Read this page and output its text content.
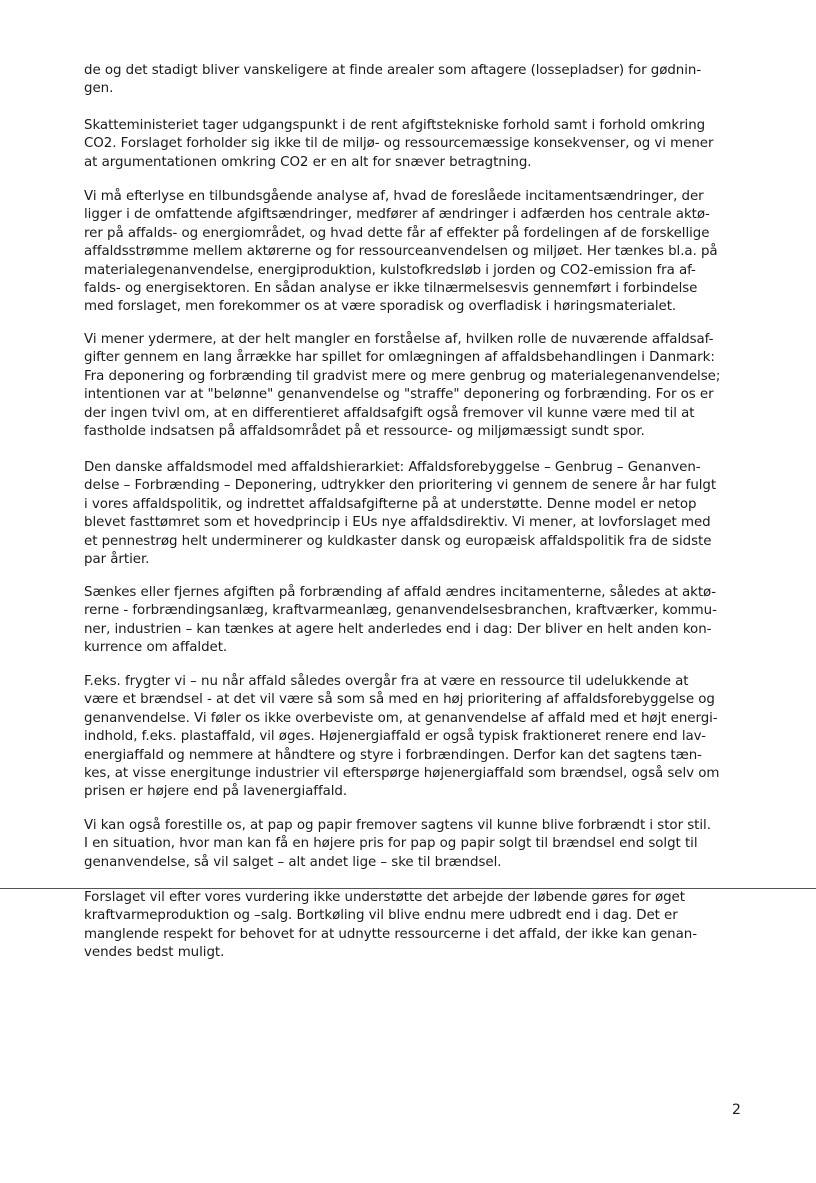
de og det stadigt bliver vanskeligere at finde arealer som aftagere (lossepladser) for gødnin-
gen.
Skatteministeriet tager udgangspunkt i de rent afgiftstekniske forhold samt i forhold omkring
CO2. Forslaget forholder sig ikke til de miljø- og ressourcemæssige konsekvenser, og vi mener
at argumentationen omkring CO2 er en alt for snæver betragtning.
Vi må efterlyse en tilbundsgående analyse af, hvad de foreslåede incitamentsændringer, der
ligger i de omfattende afgiftsændringer, medfører af ændringer i adfærden hos centrale aktø-
rer på affalds- og energiområdet, og hvad dette får af effekter på fordelingen af de forskellige
affaldsstrømme mellem aktørerne og for ressourceanvendelsen og miljøet. Her tænkes bl.a. på
materialegenanvendelse, energiproduktion, kulstofkredsløb i jorden og CO2-emission fra af-
falds- og energisektoren. En sådan analyse er ikke tilnærmelsesvis gennemført i forbindelse
med forslaget, men forekommer os at være sporadisk og overfladisk i høringsmaterialet.
Vi mener ydermere, at der helt mangler en forståelse af, hvilken rolle de nuværende affaldsaf-
gifter gennem en lang årrække har spillet for omlægningen af affaldsbehandlingen i Danmark:
Fra deponering og forbrænding til gradvist mere og mere genbrug og materialegenanvendelse;
intentionen var at "belønne" genanvendelse og "straffe" deponering og forbrænding. For os er
der ingen tvivl om, at en differentieret affaldsafgift også fremover vil kunne være med til at
fastholde indsatsen på affaldsområdet på et ressource- og miljømæssigt sundt spor.
Den danske affaldsmodel med affaldshierarkiet: Affaldsforebyggelse – Genbrug – Genanven-
delse – Forbrænding – Deponering, udtrykker den prioritering vi gennem de senere år har fulgt
i vores affaldspolitik, og indrettet affaldsafgifterne på at understøtte. Denne model er netop
blevet fasttømret som et hovedprincip i EUs nye affaldsdirektiv. Vi mener, at lovforslaget med
et pennestrøg helt underminerer og kuldkaster dansk og europæisk affaldspolitik fra de sidste
par årtier.
Sænkes eller fjernes afgiften på forbrænding af affald ændres incitamenterne, således at aktø-
rerne - forbrændingsanlæg, kraftvarmeanlæg, genanvendelsesbranchen, kraftværker, kommu-
ner, industrien – kan tænkes at agere helt anderledes end i dag: Der bliver en helt anden kon-
kurrence om affaldet.
F.eks. frygter vi – nu når affald således overgår fra at være en ressource til udelukkende at
være et brændsel - at det vil være så som så med en høj prioritering af affaldsforebyggelse og
genanvendelse. Vi føler os ikke overbeviste om, at genanvendelse af affald med et højt energi-
indhold, f.eks. plastaffald, vil øges. Højenergiaffald er også typisk fraktioneret renere end lav-
energiaffald og nemmere at håndtere og styre i forbrændingen. Derfor kan det sagtens tæn-
kes, at visse energitunge industrier vil efterspørge højenergiaffald som brændsel, også selv om
prisen er højere end på lavenergiaffald.
Vi kan også forestille os, at pap og papir fremover sagtens vil kunne blive forbrændt i stor stil.
I en situation, hvor man kan få en højere pris for pap og papir solgt til brændsel end solgt til
genanvendelse, så vil salget – alt andet lige – ske til brændsel.
Forslaget vil efter vores vurdering ikke understøtte det arbejde der løbende gøres for øget
kraftvarmeproduktion og –salg. Bortkøling vil blive endnu mere udbredt end i dag. Det er
manglende respekt for behovet for at udnytte ressourcerne i det affald, der ikke kan genan-
vendes bedst muligt.
2
